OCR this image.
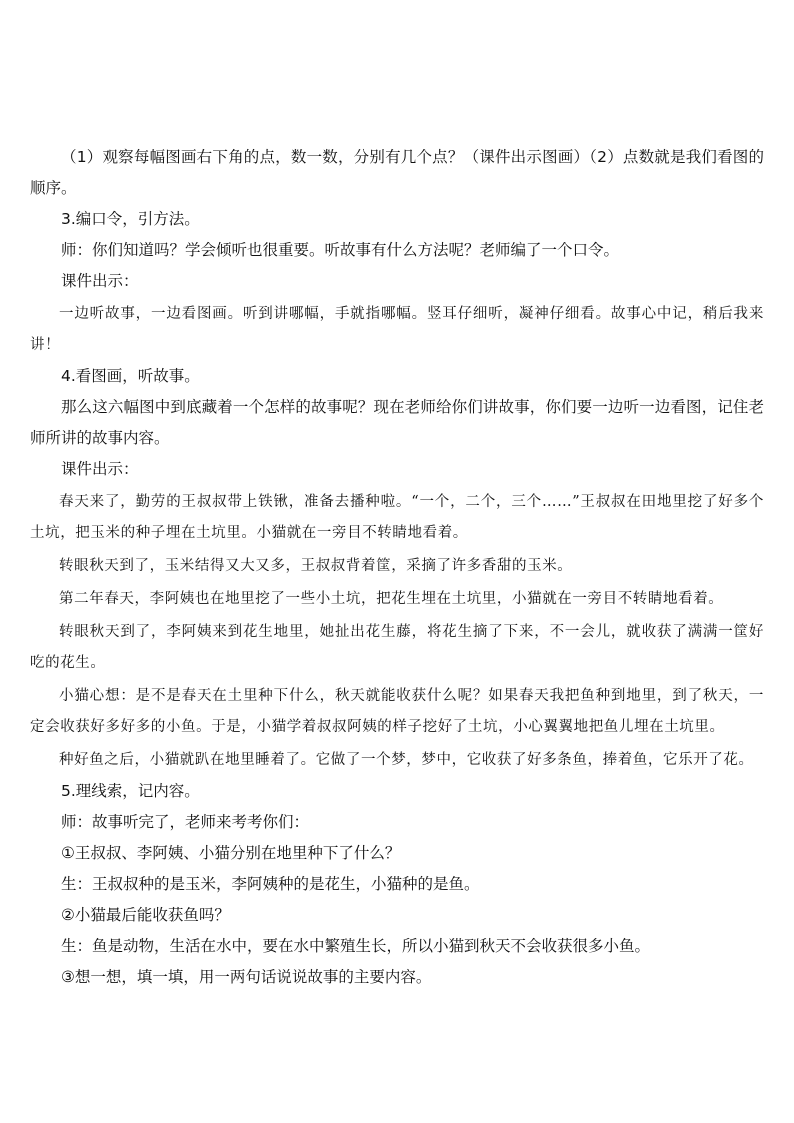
（1）观察每幅图画右下角的点，数一数，分别有几个点？（课件出示图画）（2）点数就是我们看图的顺序。

3.编口令，引方法。

师：你们知道吗？学会倾听也很重要。听故事有什么方法呢？老师编了一个口令。

课件出示：

一边听故事，一边看图画。听到讲哪幅，手就指哪幅。竖耳仔细听，凝神仔细看。故事心中记，稍后我来讲！

4.看图画，听故事。

那么这六幅图中到底藏着一个怎样的故事呢？现在老师给你们讲故事，你们要一边听一边看图，记住老师所讲的故事内容。

课件出示：

春天来了，勤劳的王叔叔带上铁锹，准备去播种啦。“一个，二个，三个……”王叔叔在田地里挖了好多个土坑，把玉米的种子埋在土坑里。小猫就在一旁目不转睛地看着。

转眼秋天到了，玉米结得又大又多，王叔叔背着筐，采摘了许多香甜的玉米。

第二年春天，李阿姨也在地里挖了一些小土坑，把花生埋在土坑里，小猫就在一旁目不转睛地看着。

转眼秋天到了，李阿姨来到花生地里，她扯出花生藤，将花生摘了下来，不一会儿，就收获了满满一筐好吃的花生。

小猫心想：是不是春天在土里种下什么，秋天就能收获什么呢？如果春天我把鱼种到地里，到了秋天，一定会收获好多好多的小鱼。于是，小猫学着叔叔阿姨的样子挖好了土坑，小心翼翼地把鱼儿埋在土坑里。

种好鱼之后，小猫就趴在地里睡着了。它做了一个梦，梦中，它收获了好多条鱼，捧着鱼，它乐开了花。

5.理线索，记内容。

师：故事听完了，老师来考考你们：

①王叔叔、李阿姨、小猫分别在地里种下了什么？

生：王叔叔种的是玉米，李阿姨种的是花生，小猫种的是鱼。

②小猫最后能收获鱼吗？

生：鱼是动物，生活在水中，要在水中繁殖生长，所以小猫到秋天不会收获很多小鱼。

③想一想，填一填，用一两句话说说故事的主要内容。
